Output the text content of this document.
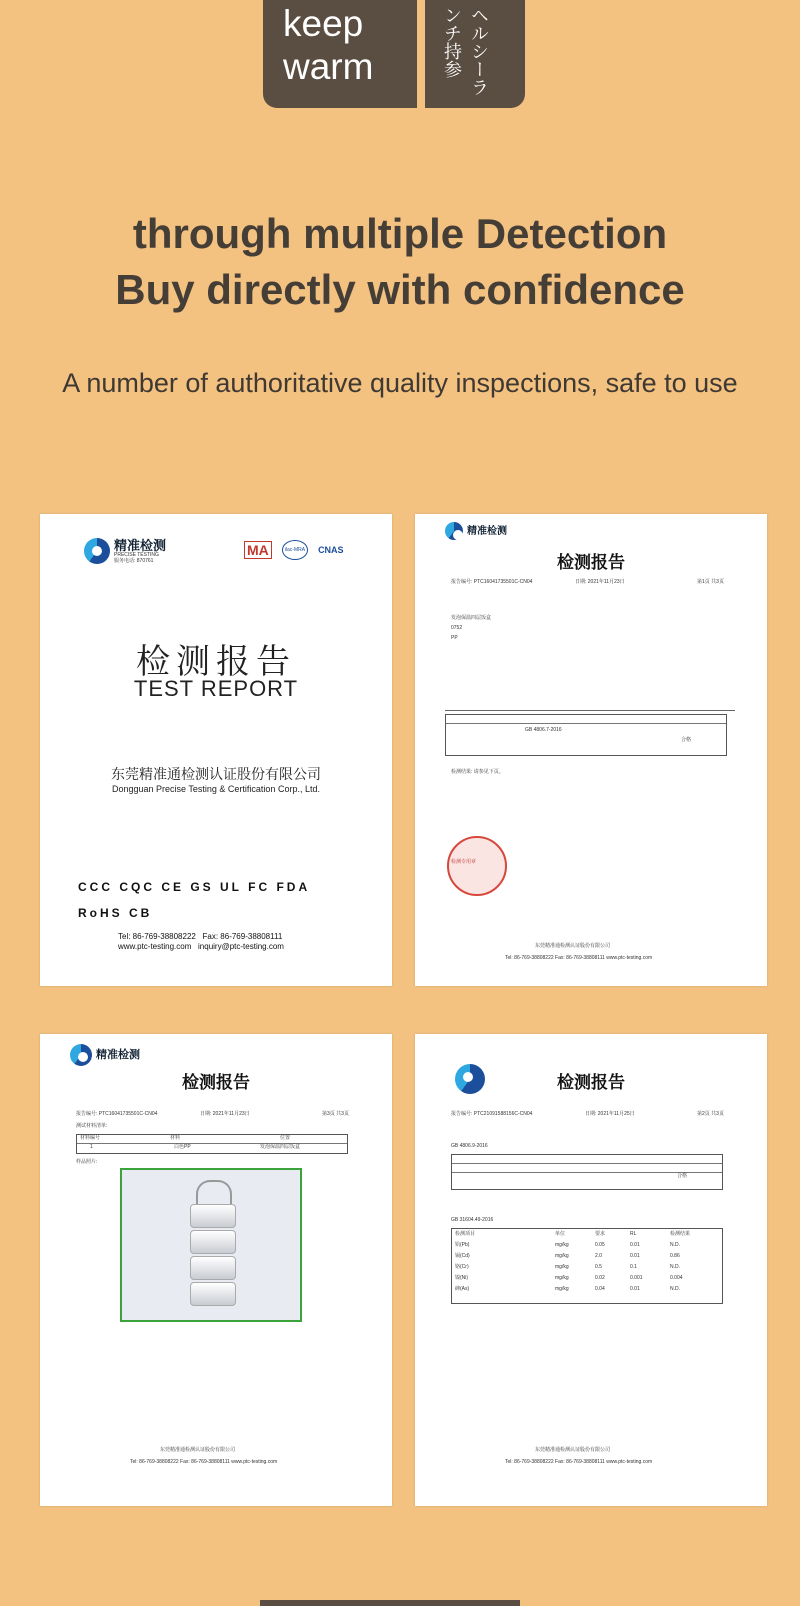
keep
warm	ヘルシーラ
ンチ持参
through multiple Detection
Buy directly with confidence
A number of authoritative quality inspections, safe to use
精准检测
PRECISE TESTING
服务电话: 870761
MA	ilac-MRA	CNAS
检测报告
TEST REPORT
东莞精准通检测认证股份有限公司
Dongguan Precise Testing & Certification Corp., Ltd.
CCC CQC CE GS UL FC FDA
RoHS CB
Tel: 86-769-38808222 Fax: 86-769-38808111
www.ptc-testing.com inquiry@ptc-testing.com
精准检测
检测报告
报告编号: PTC16041735501C-CN04	日期: 2021年11月23日	第1页 共3页
发泡保温四层饭盒
0752
PP
GB 4806.7-2016
合格
检测结果: 请参见下页。
检测专用章
东莞精准通检测认证股份有限公司
Tel: 86-769-38808222 Fax: 86-769-38808111 www.ptc-testing.com
精准检测
检测报告
报告编号: PTC16041735501C-CN04	日期: 2021年11月23日	第3页 共3页
测试材料清单:
材料编号	材料	位置
1	白色PP	发泡保温四层饭盒
样品照片:
东莞精准通检测认证股份有限公司
Tel: 86-769-38808222 Fax: 86-769-38808111 www.ptc-testing.com
检测报告
报告编号: PTC21091588156C-CN04	日期: 2021年11月25日	第2页 共3页
GB 4806.9-2016
合格
GB 31604.49-2016
东莞精准通检测认证股份有限公司
Tel: 86-769-38808222 Fax: 86-769-38808111 www.ptc-testing.com
检测项目	单位	要求	RL	检测结果
铅(Pb)	mg/kg	0.05	0.01	N.D.
镉(Cd)	mg/kg	2.0	0.01	0.86
铬(Cr)	mg/kg	0.5	0.1	N.D.
镍(Ni)	mg/kg	0.02	0.001	0.004
砷(As)	mg/kg	0.04	0.01	N.D.
